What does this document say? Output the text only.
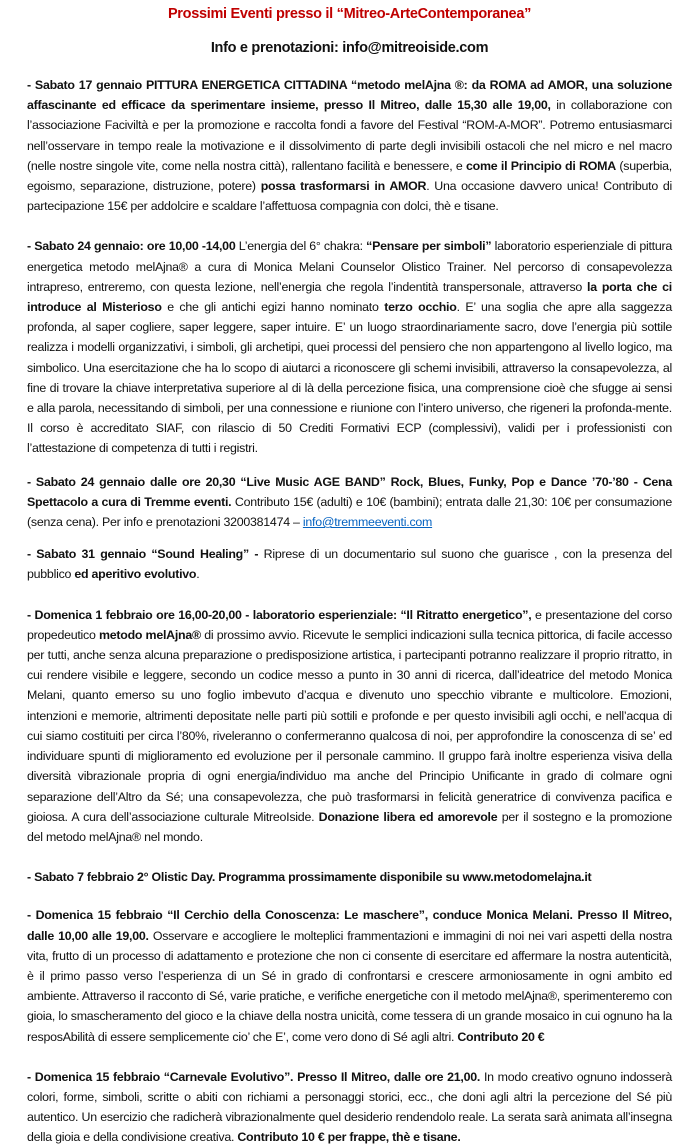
Prossimi Eventi presso il “Mitreo-ArteContemporanea”
Info e prenotazioni: info@mitreoiside.com

- Sabato 17 gennaio PITTURA ENERGETICA CITTADINA “metodo melAjna ®: da ROMA ad AMOR, una soluzione affascinante ed efficace da sperimentare insieme, presso Il Mitreo, dalle 15,30 alle 19,00, in collaborazione con l’associazione Faciviltà e per la promozione e raccolta fondi a favore del Festival “ROM-A-MOR”. Potremo entusiasmarci nell’osservare in tempo reale la motivazione e il dissolvimento di parte degli invisibili ostacoli che nel micro e nel macro (nelle nostre singole vite, come nella nostra città), rallentano facilità e benessere, e come il Principio di ROMA (superbia, egoismo, separazione, distruzione, potere) possa trasformarsi in AMOR. Una occasione davvero unica! Contributo di partecipazione 15€ per addolcire e scaldare l’affettuosa compagnia con dolci, thè e tisane.

- Sabato 24 gennaio: ore 10,00 -14,00 L’energia del 6° chakra: “Pensare per simboli” laboratorio esperienziale di pittura energetica metodo melAjna® a cura di Monica Melani Counselor Olistico Trainer. Nel percorso di consapevolezza intrapreso, entreremo, con questa lezione, nell’energia che regola l’indentità transpersonale, attraverso la porta che ci introduce al Misterioso e che gli antichi egizi hanno nominato terzo occhio. E’ una soglia che apre alla saggezza profonda, al saper cogliere, saper leggere, saper intuire. E’ un luogo straordinariamente sacro, dove l’energia più sottile realizza i modelli organizzativi, i simboli, gli archetipi, quei processi del pensiero che non appartengono al livello logico, ma simbolico. Una esercitazione che ha lo scopo di aiutarci a riconoscere gli schemi invisibili, attraverso la consapevolezza, al fine di trovare la chiave interpretativa superiore al di là della percezione fisica, una comprensione cioè che sfugge ai sensi e alla parola, necessitando di simboli, per una connessione e riunione con l’intero universo, che rigeneri la profonda-mente. Il corso è accreditato SIAF, con rilascio di 50 Crediti Formativi ECP (complessivi), validi per i professionisti con l’attestazione di competenza di tutti i registri.

- Sabato 24 gennaio dalle ore 20,30 “Live Music AGE BAND” Rock, Blues, Funky, Pop e Dance ’70-’80 - Cena Spettacolo a cura di Tremme eventi. Contributo 15€ (adulti) e 10€ (bambini); entrata dalle 21,30: 10€ per consumazione (senza cena). Per info e prenotazioni 3200381474 – info@tremmeeventi.com

- Sabato 31 gennaio “Sound Healing” - Riprese di un documentario sul suono che guarisce , con la presenza del pubblico ed aperitivo evolutivo.

- Domenica 1 febbraio ore 16,00-20,00 - laboratorio esperienziale: “Il Ritratto energetico”, e presentazione del corso propedeutico metodo melAjna® di prossimo avvio. Ricevute le semplici indicazioni sulla tecnica pittorica, di facile accesso per tutti, anche senza alcuna preparazione o predisposizione artistica, i partecipanti potranno realizzare il proprio ritratto, in cui rendere visibile e leggere, secondo un codice messo a punto in 30 anni di ricerca, dall’ideatrice del metodo Monica Melani, quanto emerso su uno foglio imbevuto d’acqua e divenuto uno specchio vibrante e multicolore. Emozioni, intenzioni e memorie, altrimenti depositate nelle parti più sottili e profonde e per questo invisibili agli occhi, e nell’acqua di cui siamo costituiti per circa l’80%, riveleranno o confermeranno qualcosa di noi, per approfondire la conoscenza di se’ ed individuare spunti di miglioramento ed evoluzione per il personale cammino. Il gruppo farà inoltre esperienza visiva della diversità vibrazionale propria di ogni energia/individuo ma anche del Principio Unificante in grado di colmare ogni separazione dell’Altro da Sé; una consapevolezza, che può trasformarsi in felicità generatrice di convivenza pacifica e gioiosa. A cura dell’associazione culturale MitreoIside. Donazione libera ed amorevole per il sostegno e la promozione del metodo melAjna® nel mondo.

- Sabato 7 febbraio 2° Olistic Day. Programma prossimamente disponibile su www.metodomelajna.it

- Domenica 15 febbraio “Il Cerchio della Conoscenza: Le maschere”, conduce Monica Melani. Presso Il Mitreo, dalle 10,00 alle 19,00. Osservare e accogliere le molteplici frammentazioni e immagini di noi nei vari aspetti della nostra vita, frutto di un processo di adattamento e protezione che non ci consente di esercitare ed affermare la nostra autenticità, è il primo passo verso l’esperienza di un Sé in grado di confrontarsi e crescere armoniosamente in ogni ambito ed ambiente. Attraverso il racconto di Sé, varie pratiche, e verifiche energetiche con il metodo melAjna®, sperimenteremo con gioia, lo smascheramento del gioco e la chiave della nostra unicità, come tessera di un grande mosaico in cui ognuno ha la resposAbilità di essere semplicemente cio’ che E’, come vero dono di Sé agli altri. Contributo 20 €

- Domenica 15 febbraio “Carnevale Evolutivo”. Presso Il Mitreo, dalle ore 21,00. In modo creativo ognuno indosserà colori, forme, simboli, scritte o abiti con richiami a personaggi storici, ecc., che doni agli altri la percezione del Sé più autentico. Un esercizio che radicherà vibrazionalmente quel desiderio rendendolo reale. La serata sarà animata all’insegna della gioia e della condivisione creativa. Contributo 10 € per frappe, thè e tisane.
